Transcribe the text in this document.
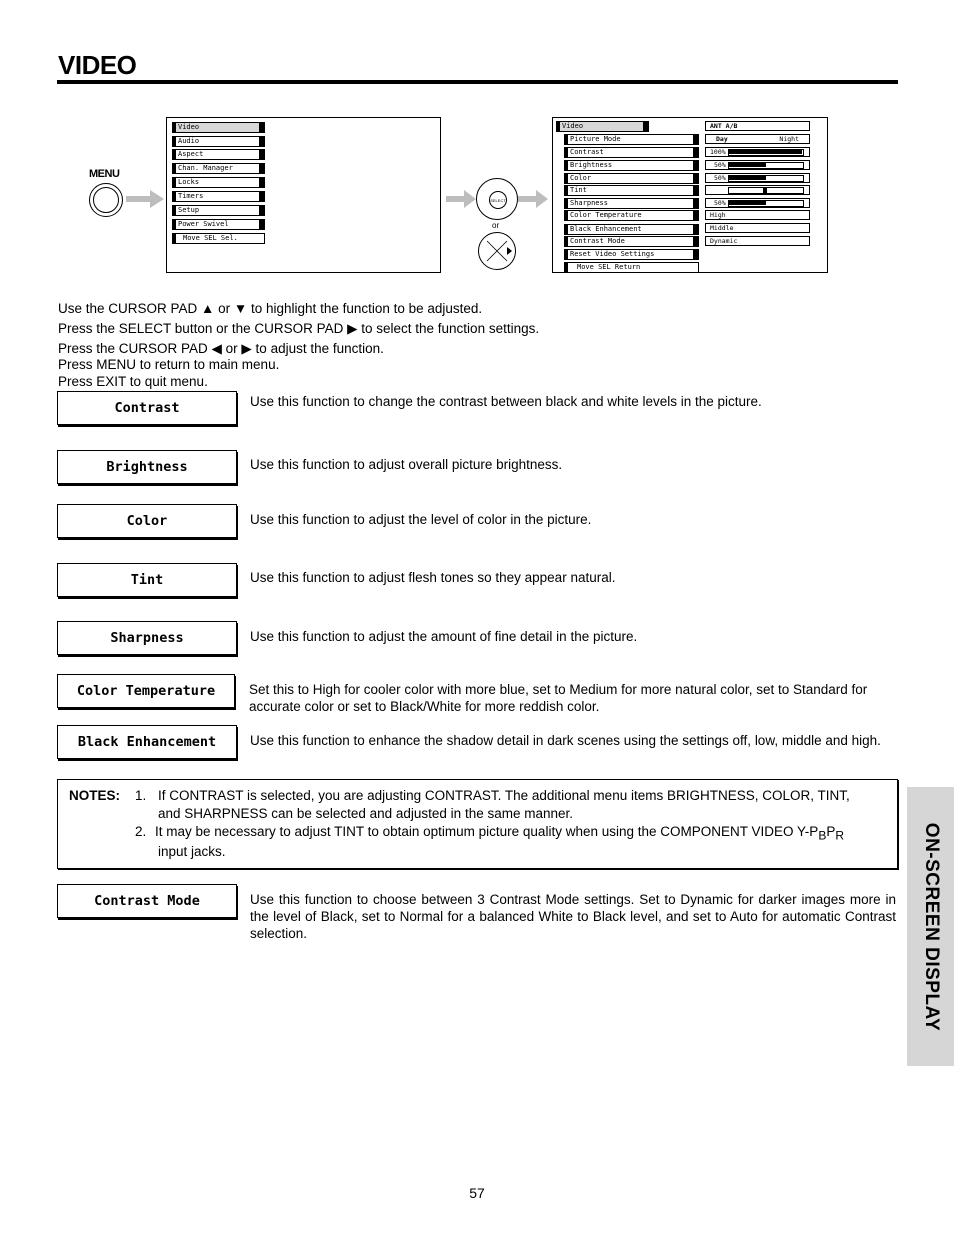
VIDEO
MENU
Video
Audio
Aspect
Chan. Manager
Locks
Timers
Setup
Power Swivel
Move SEL Sel.
SELECT
or
Video
Picture Mode
Contrast
Brightness
Color
Tint
Sharpness
Color Temperature
Black Enhancement
Contrast Mode
Reset Video Settings
Move SEL Return
ANT A/B
Day	Night
100%
50%
50%
50%
High
Middle
Dynamic
Use the CURSOR PAD ▲ or ▼ to highlight the function to be adjusted.
Press the SELECT button or the CURSOR PAD ▶ to select the function settings.
Press the CURSOR PAD ◀ or ▶ to adjust the function.
Press MENU to return to main menu.
Press EXIT to quit menu.
Contrast	Use this function to change the contrast between black and white levels in the picture.
Brightness	Use this function to adjust overall picture brightness.
Color	Use this function to adjust the level of color in the picture.
Tint	Use this function to adjust flesh tones so they appear natural.
Sharpness	Use this function to adjust the amount of fine detail in the picture.
Color Temperature	Set this to High for cooler color with more blue, set to Medium for more natural color, set to Standard for accurate color or set to Black/White for more reddish color.
Black Enhancement	Use this function to enhance the shadow detail in dark scenes using the settings off, low, middle and high.
NOTES: 1. If CONTRAST is selected, you are adjusting CONTRAST. The additional menu items BRIGHTNESS, COLOR, TINT,
and SHARPNESS can be selected and adjusted in the same manner.
2. It may be necessary to adjust TINT to obtain optimum picture quality when using the COMPONENT VIDEO $Y-P_BP_R$
input jacks.
Contrast Mode	Use this function to choose between 3 Contrast Mode settings. Set to Dynamic for darker images more in the level of Black, set to Normal for a balanced White to Black level, and set to Auto for automatic Contrast selection.	ON-SCREEN DISPLAY
57
